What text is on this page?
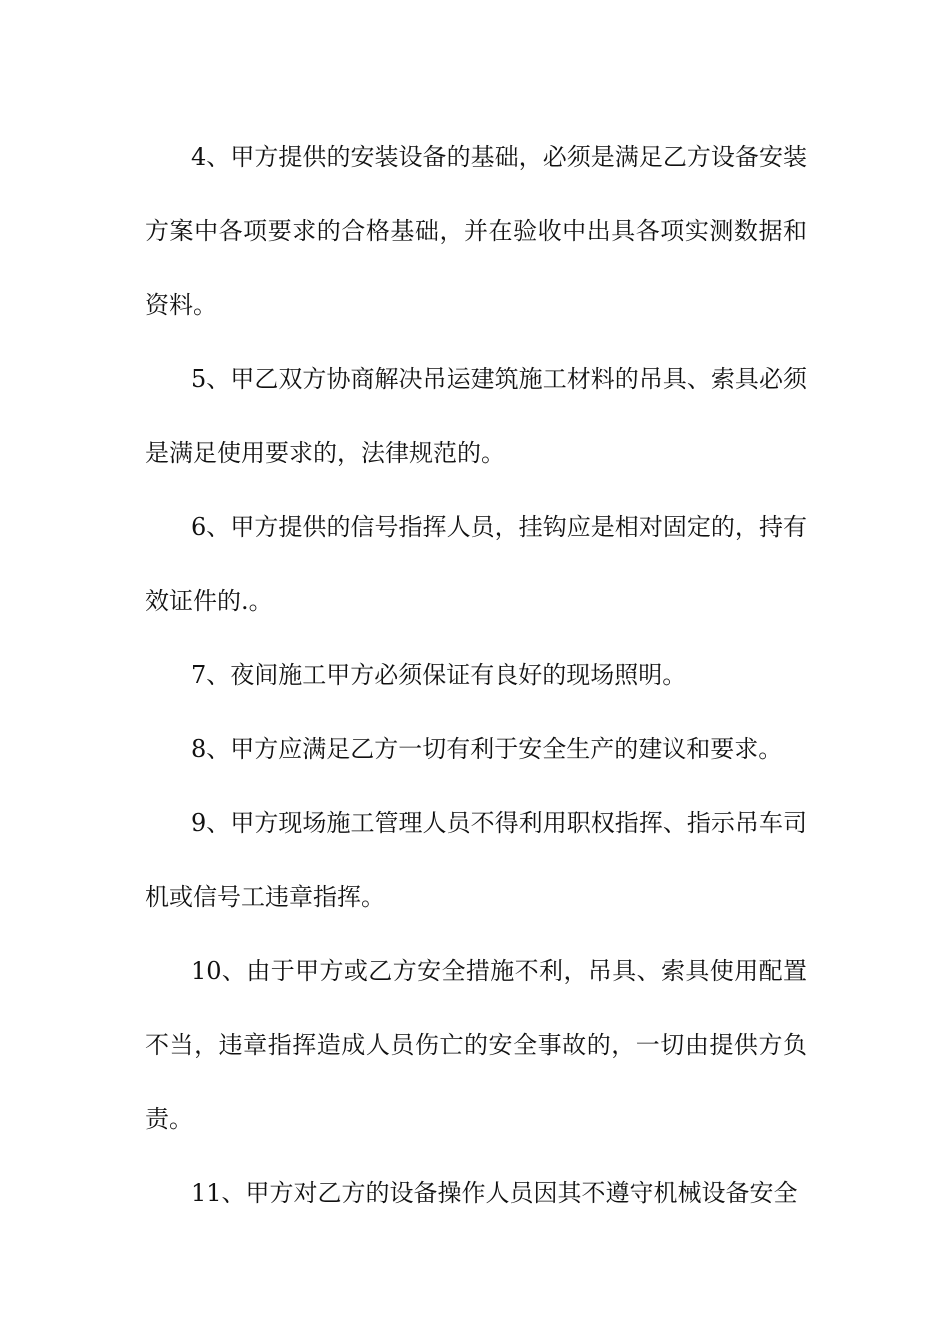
4、甲方提供的安装设备的基础，必须是满足乙方设备安装
方案中各项要求的合格基础，并在验收中出具各项实测数据和
资料。
5、甲乙双方协商解决吊运建筑施工材料的吊具、索具必须
是满足使用要求的，法律规范的。
6、甲方提供的信号指挥人员，挂钩应是相对固定的，持有
效证件的.。
7、夜间施工甲方必须保证有良好的现场照明。
8、甲方应满足乙方一切有利于安全生产的建议和要求。
9、甲方现场施工管理人员不得利用职权指挥、指示吊车司
机或信号工违章指挥。
10、由于甲方或乙方安全措施不利，吊具、索具使用配置
不当，违章指挥造成人员伤亡的安全事故的，一切由提供方负
责。
11、甲方对乙方的设备操作人员因其不遵守机械设备安全
